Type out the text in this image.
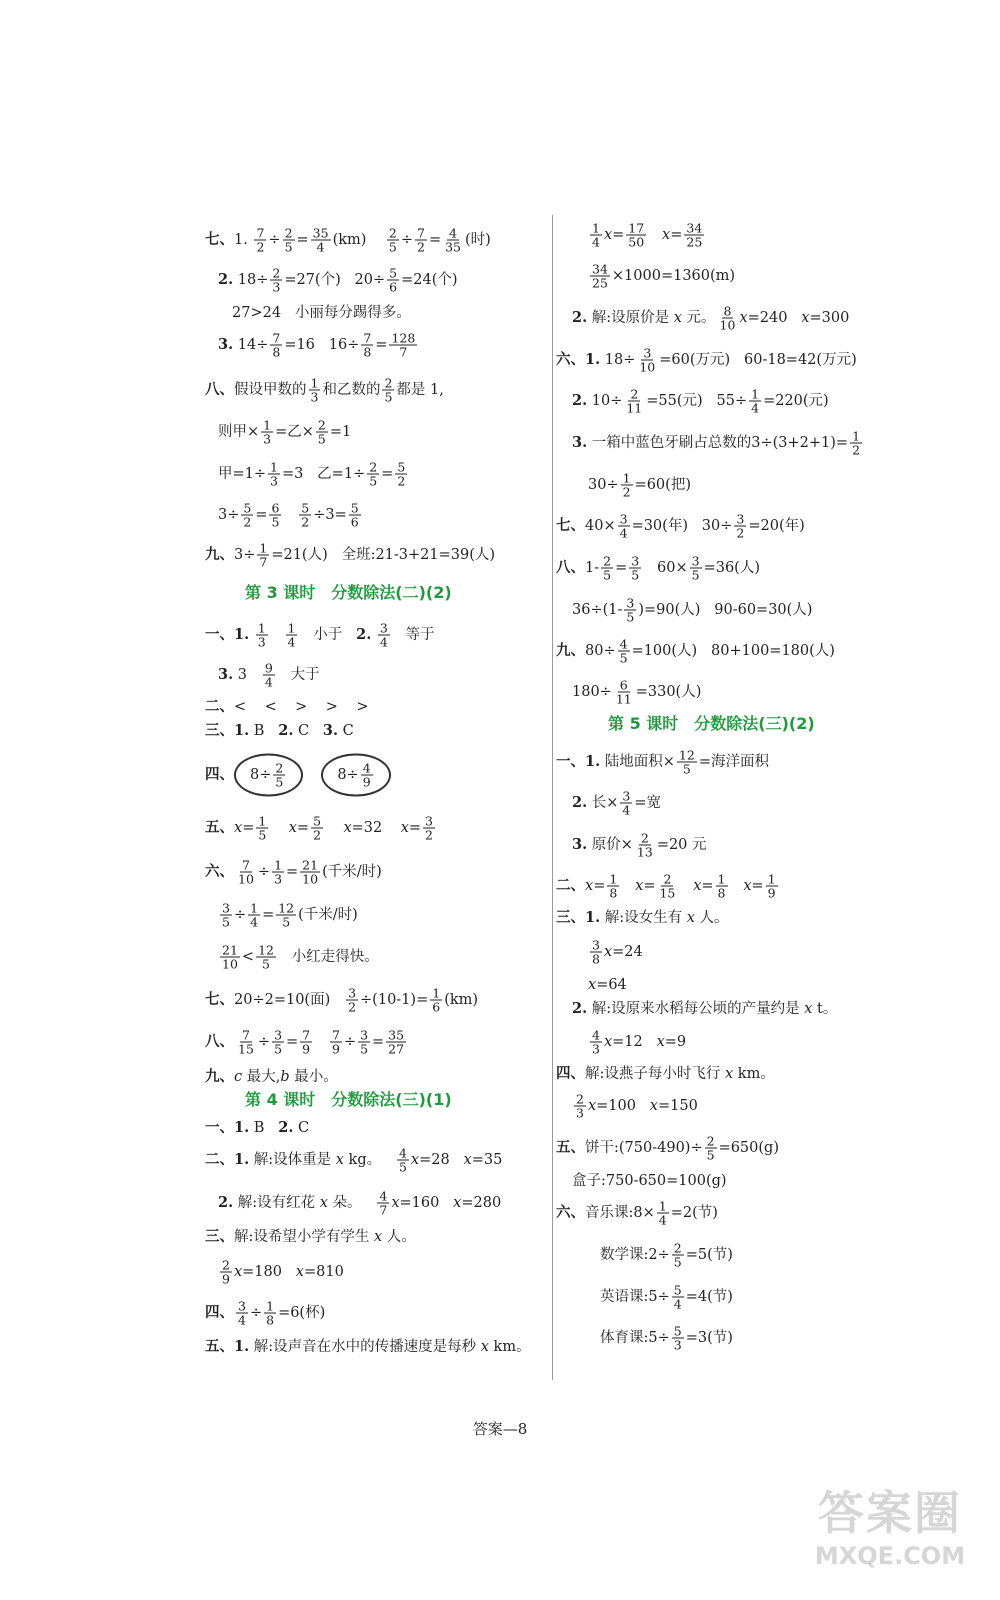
七、1. $\frac{7}{2} \div \frac{2}{5} = \frac{35}{4} (km) \frac{2}{5} \div \frac{7}{2} = \frac{4}{35}$ (时)
2. $18\div \frac{2}{3} =27$(个)   $20\div \frac{5}{6} =24$(个)
27>24   小丽每分踢得多。
3. $14\div \frac{7}{8} =16$   $16\div \frac{7}{8} = \frac{128}{7}$
八、假设甲数的 $\frac{1}{3}$ 和乙数的 $\frac{2}{5}$ 都是 1,
则甲× $\frac{1}{3}$ =乙× $\frac{2}{5} =1$
甲$=1\div \frac{1}{3} =3$   乙$=1\div \frac{2}{5} = \frac{5}{2}$
$3\div \frac{5}{2} = \frac{6}{5}$
$\frac{5}{2} \div 3= \frac{5}{6}$
九、$3\div \frac{1}{7} =21$(人)   全班:21-3+21=39(人)
一、1. $\frac{1}{3}$
$\frac{1}{4}$ 小于   2. $\frac{3}{4}$ 等于
3. $3 \frac{9}{4}$ 大于
二、<    <    >    >    >
三、1. B   2. C   3. C
四、 $8\div \frac{2}{5}$	$8\div \frac{4}{9}$
五、$x= \frac{1}{5} x= \frac{5}{2} x=32$    $x= \frac{3}{2}$
六、 $\frac{7}{10} \div \frac{1}{3} = \frac{21}{10}$ (千米/时)
$\frac{3}{5} \div \frac{1}{4} = \frac{12}{5}$ (千米/时)
$\frac{21}{10} < \frac{12}{5}$ 小红走得快。
七、20÷2=10(面) $\frac{3}{2} \div(10-1)= \frac{1}{6} (km)$
八、 $\frac{7}{15} \div \frac{3}{5} = \frac{7}{9}$
$\frac{7}{9} \div \frac{3}{5} = \frac{35}{27}$
九、c 最大,b 最小。
一、1. B   2. C
二、1. 解:设体重是 x kg。 $\frac{4}{5} x=28$   x=35
2. 解:设有红花 x 朵。 $\frac{4}{7} x=160$   x=280
三、解:设希望小学有学生 x 人。
$\frac{2}{9} x=180$   x=810
四、 $\frac{3}{4} \div \frac{1}{8} =6$(杯)
五、1. 解:设声音在水中的传播速度是每秒 x km。
$\frac{1}{4} x= \frac{17}{50} x= \frac{34}{25}$
$\frac{34}{25} \times 1000=1360(m)$
2. 解:设原价是 x 元。 $\frac{8}{10} x=240$   x=300
六、1. $18\div \frac{3}{10} =60$(万元)   60-18=42(万元)
2. $10\div \frac{2}{11} =55$(元)   $55\div \frac{1}{4} =220$(元)
3. 一箱中蓝色牙刷占总数的$3\div(3+2+1)= \frac{1}{2}$
$30\div \frac{1}{2} =60$(把)
七、$40\times \frac{3}{4} =30$(年)   $30\div \frac{3}{2} =20$(年)
八、$1- \frac{2}{5} = \frac{3}{5} 60\times \frac{3}{5} =36$(人)
$36\div(1- \frac{3}{5} )=90$(人)   90-60=30(人)
九、$80\div \frac{4}{5} =100$(人)   80+100=180(人)
$180\div \frac{6}{11} =330$(人)
一、1. 陆地面积× $\frac{12}{5}$ =海洋面积
2. 长× $\frac{3}{4}$ =宽
3. 原价× $\frac{2}{13} =20$ 元
二、$x= \frac{1}{8} x= \frac{2}{15} x= \frac{1}{8} x= \frac{1}{9}$
三、1. 解:设女生有 x 人。
$\frac{3}{8} x=24$
x=64
2. 解:设原来水稻每公顷的产量约是 x t。
$\frac{4}{3} x=12$   x=9
四、解:设燕子每小时飞行 x km。
$\frac{2}{3} x=100$   x=150
五、饼干:(750-490)÷ $\frac{2}{5} =650(g)$
盒子:750-650=100(g)
六、音乐课:8× $\frac{1}{4} =2$(节)
数学课:2÷ $\frac{2}{5} =5$(节)
英语课:5÷ $\frac{5}{4} =4$(节)
体育课:5÷ $\frac{5}{3} =3$(节)
第 3 课时　分数除法(二)(2)
第 4 课时　分数除法(三)(1)
第 5 课时　分数除法(三)(2)
答案—8
答案圈
MXQE.COM
